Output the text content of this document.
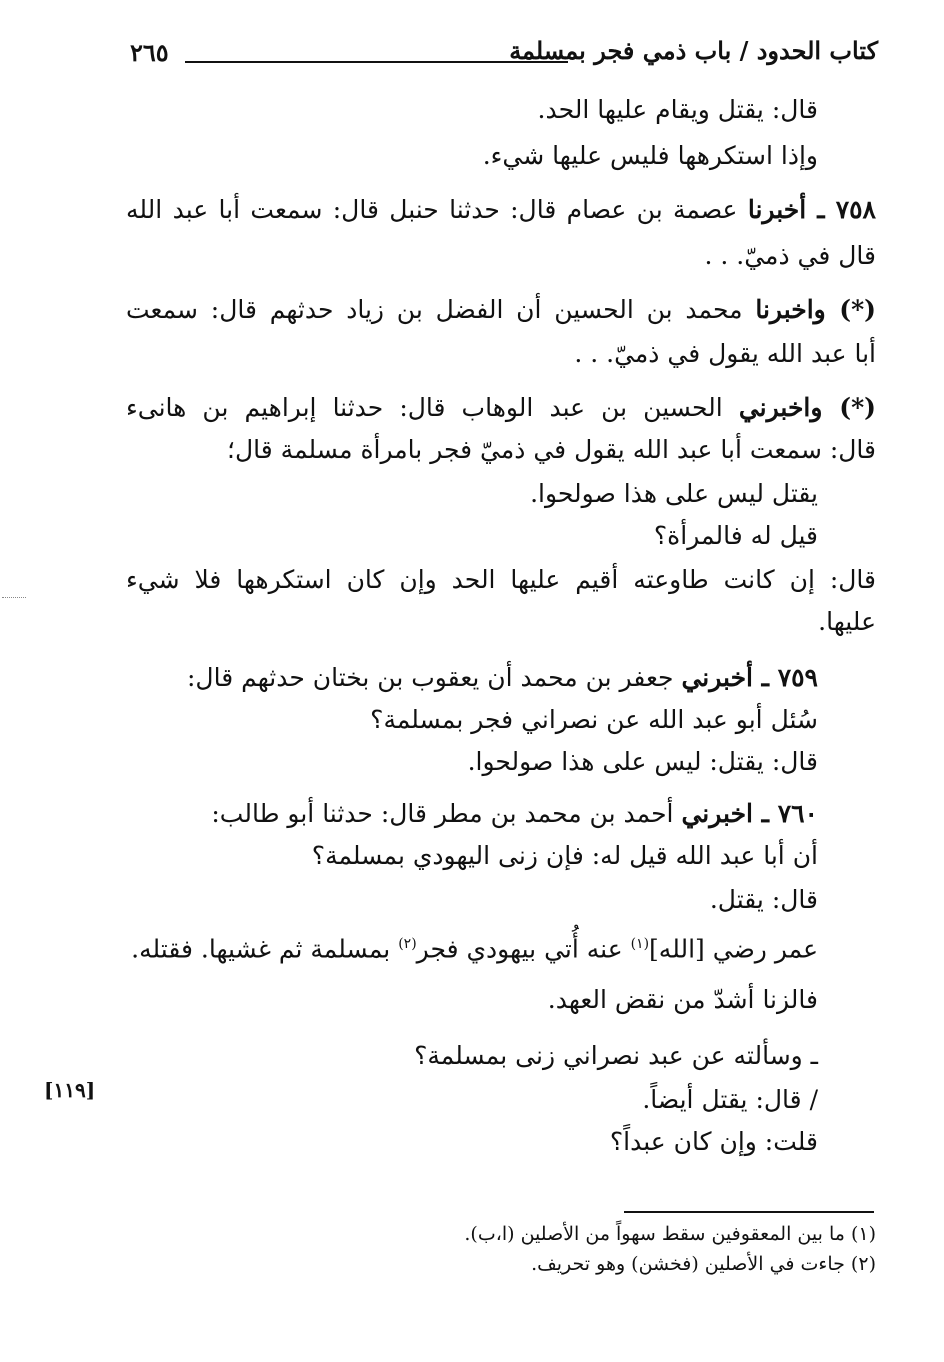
٢٦٥	كتاب الحدود / باب ذمي فجر بمسلمة
قال: يقتل ويقام عليها الحد.
وإذا استكرهها فليس عليها شيء.
٧٥٨ ـ أخبرنا عصمة بن عصام قال: حدثنا حنبل قال: سمعت أبا عبد الله
قال في ذميّ. . .
(*) واخبرنا محمد بن الحسين أن الفضل بن زياد حدثهم قال: سمعت
أبا عبد الله يقول في ذميّ. . .
(*) واخبرني الحسين بن عبد الوهاب قال: حدثنا إبراهيم بن هانىء
قال: سمعت أبا عبد الله يقول في ذميّ فجر بامرأة مسلمة قال؛
يقتل ليس على هذا صولحوا.
قيل له فالمرأة؟
قال: إن كانت طاوعته أقيم عليها الحد وإن كان استكرهها فلا شيء
عليها.
٧٥٩ ـ أخبرني جعفر بن محمد أن يعقوب بن بختان حدثهم قال:
سُئل أبو عبد الله عن نصراني فجر بمسلمة؟
قال: يقتل: ليس على هذا صولحوا.
٧٦٠ ـ اخبرني أحمد بن محمد بن مطر قال: حدثنا أبو طالب:
أن أبا عبد الله قيل له: فإن زنى اليهودي بمسلمة؟
قال: يقتل.
عمر رضي [الله]$^{(١)}$ عنه أُتي بيهودي فجر$^{(٢)}$ بمسلمة ثم غشيها. فقتله.
فالزنا أشدّ من نقض العهد.
ـ وسألته عن عبد نصراني زنى بمسلمة؟
/ قال: يقتل أيضاً.
قلت: وإن كان عبداً؟
[١١٩]
(١) ما بين المعقوفين سقط سهواً من الأصلين (ا،ب).
(٢) جاءت في الأصلين (فخشن) وهو تحريف.
